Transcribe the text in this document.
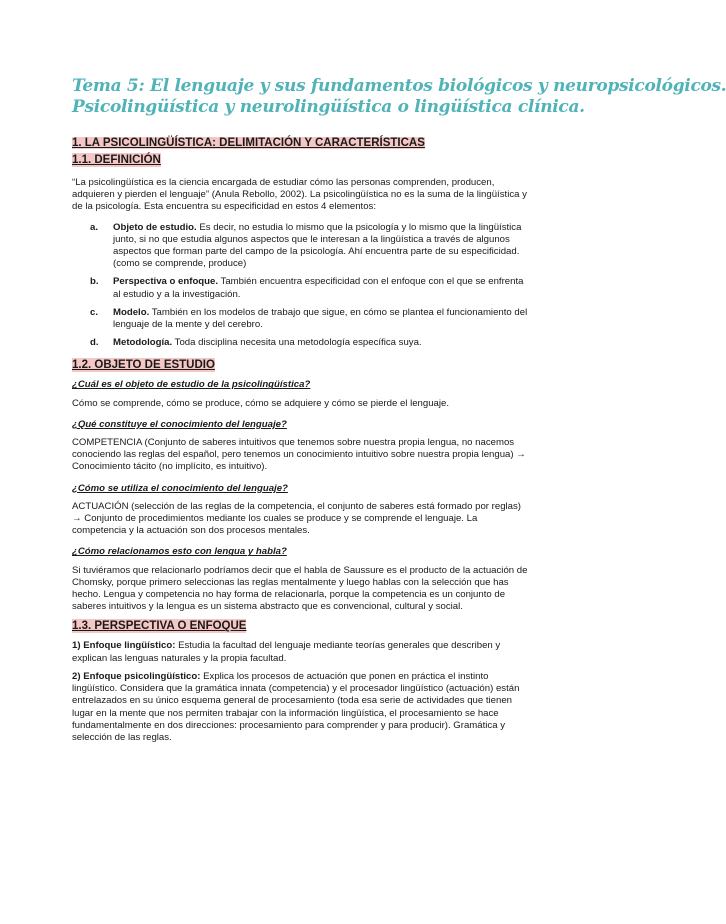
Tema 5: El lenguaje y sus fundamentos biológicos y neuropsicológicos.
Psicolingüística y neurolingüística o lingüística clínica.
1. LA PSICOLINGÜÍSTICA: DELIMITACIÓN Y CARACTERÍSTICAS
1.1. DEFINICIÓN

“La psicolingüística es la ciencia encargada de estudiar cómo las personas comprenden, producen, adquieren y pierden el lenguaje” (Anula Rebollo, 2002). La psicolingüística no es la suma de la lingüística y de la psicología. Esta encuentra su especificidad en estos 4 elementos:

a. Objeto de estudio. Es decir, no estudia lo mismo que la psicología y lo mismo que la lingüística junto, si no que estudia algunos aspectos que le interesan a la lingüística a través de algunos aspectos que forman parte del campo de la psicología. Ahí encuentra parte de su especificidad. (como se comprende, produce)
b. Perspectiva o enfoque. También encuentra especificidad con el enfoque con el que se enfrenta al estudio y a la investigación.
c. Modelo. También en los modelos de trabajo que sigue, en cómo se plantea el funcionamiento del lenguaje de la mente y del cerebro.
d. Metodología. Toda disciplina necesita una metodología específica suya.
1.2. OBJETO DE ESTUDIO
¿Cuál es el objeto de estudio de la psicolingüística?

Cómo se comprende, cómo se produce, cómo se adquiere y cómo se pierde el lenguaje.

¿Qué constituye el conocimiento del lenguaje?

COMPETENCIA (Conjunto de saberes intuitivos que tenemos sobre nuestra propia lengua, no nacemos conociendo las reglas del español, pero tenemos un conocimiento intuitivo sobre nuestra propia lengua) → Conocimiento tácito (no implícito, es intuitivo).

¿Cómo se utiliza el conocimiento del lenguaje?

ACTUACIÓN (selección de las reglas de la competencia, el conjunto de saberes está formado por reglas) → Conjunto de procedimientos mediante los cuales se produce y se comprende el lenguaje. La competencia y la actuación son dos procesos mentales.

¿Cómo relacionamos esto con lengua y habla?

Si tuviéramos que relacionarlo podríamos decir que el habla de Saussure es el producto de la actuación de Chomsky, porque primero seleccionas las reglas mentalmente y luego hablas con la selección que has hecho. Lengua y competencia no hay forma de relacionarla, porque la competencia es un conjunto de saberes intuitivos y la lengua es un sistema abstracto que es convencional, cultural y social.

1.3. PERSPECTIVA O ENFOQUE

1) Enfoque lingüístico: Estudia la facultad del lenguaje mediante teorías generales que describen y explican las lenguas naturales y la propia facultad.

2) Enfoque psicolingüístico: Explica los procesos de actuación que ponen en práctica el instinto lingüístico. Considera que la gramática innata (competencia) y el procesador lingüístico (actuación) están entrelazados en su único esquema general de procesamiento (toda esa serie de actividades que tienen lugar en la mente que nos permiten trabajar con la información lingüística, el procesamiento se hace fundamentalmente en dos direcciones: procesamiento para comprender y para producir). Gramática y selección de las reglas.
